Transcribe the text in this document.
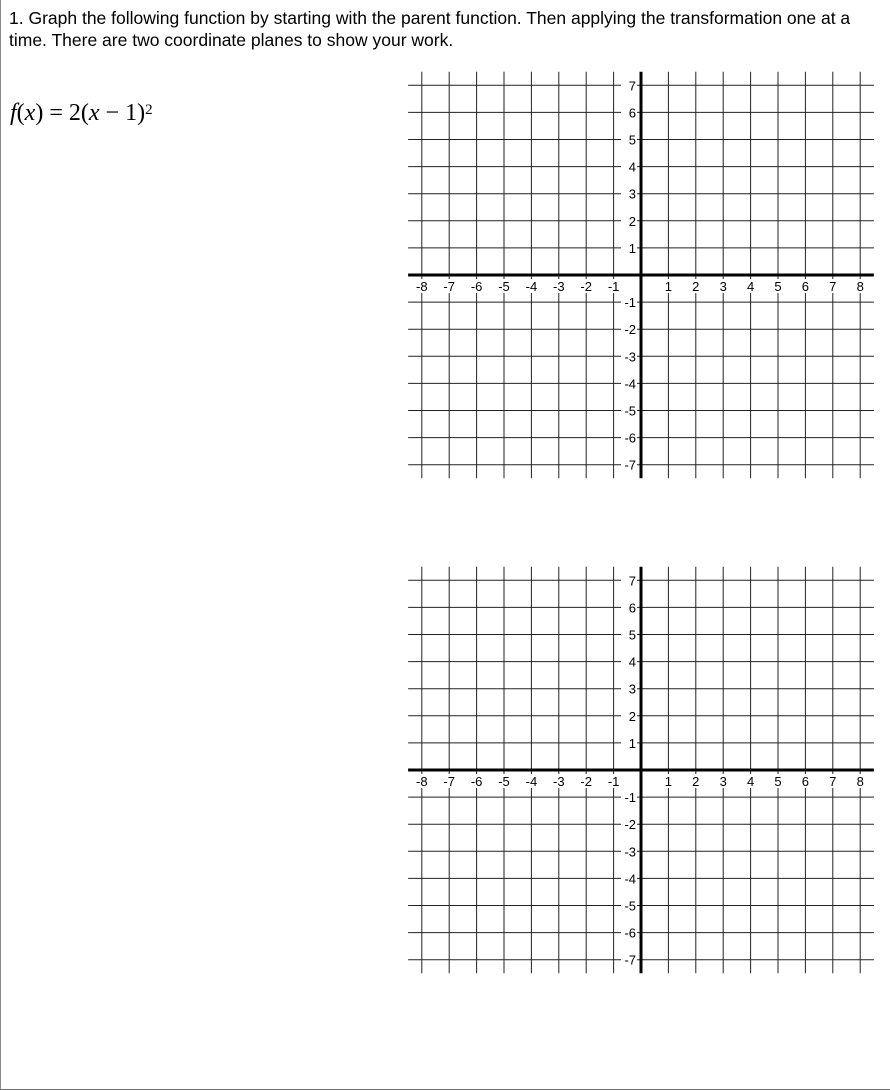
1. Graph the following function by starting with the parent function. Then applying the transformation one at a time. There are two coordinate planes to show your work.
$f(x) = 2(x - 1)^2$
-8 -7 -6 -5 -4 -3 -2 -1	1 2 3 4 5 6 7 8
7
6
5
4
3
2
1
-1
-2
-3
-4
-5
-6
-7
-8 -7 -6 -5 -4 -3 -2 -1	1 2 3 4 5 6 7 8
7
6
5
4
3
2
1
-1
-2
-3
-4
-5
-6
-7
